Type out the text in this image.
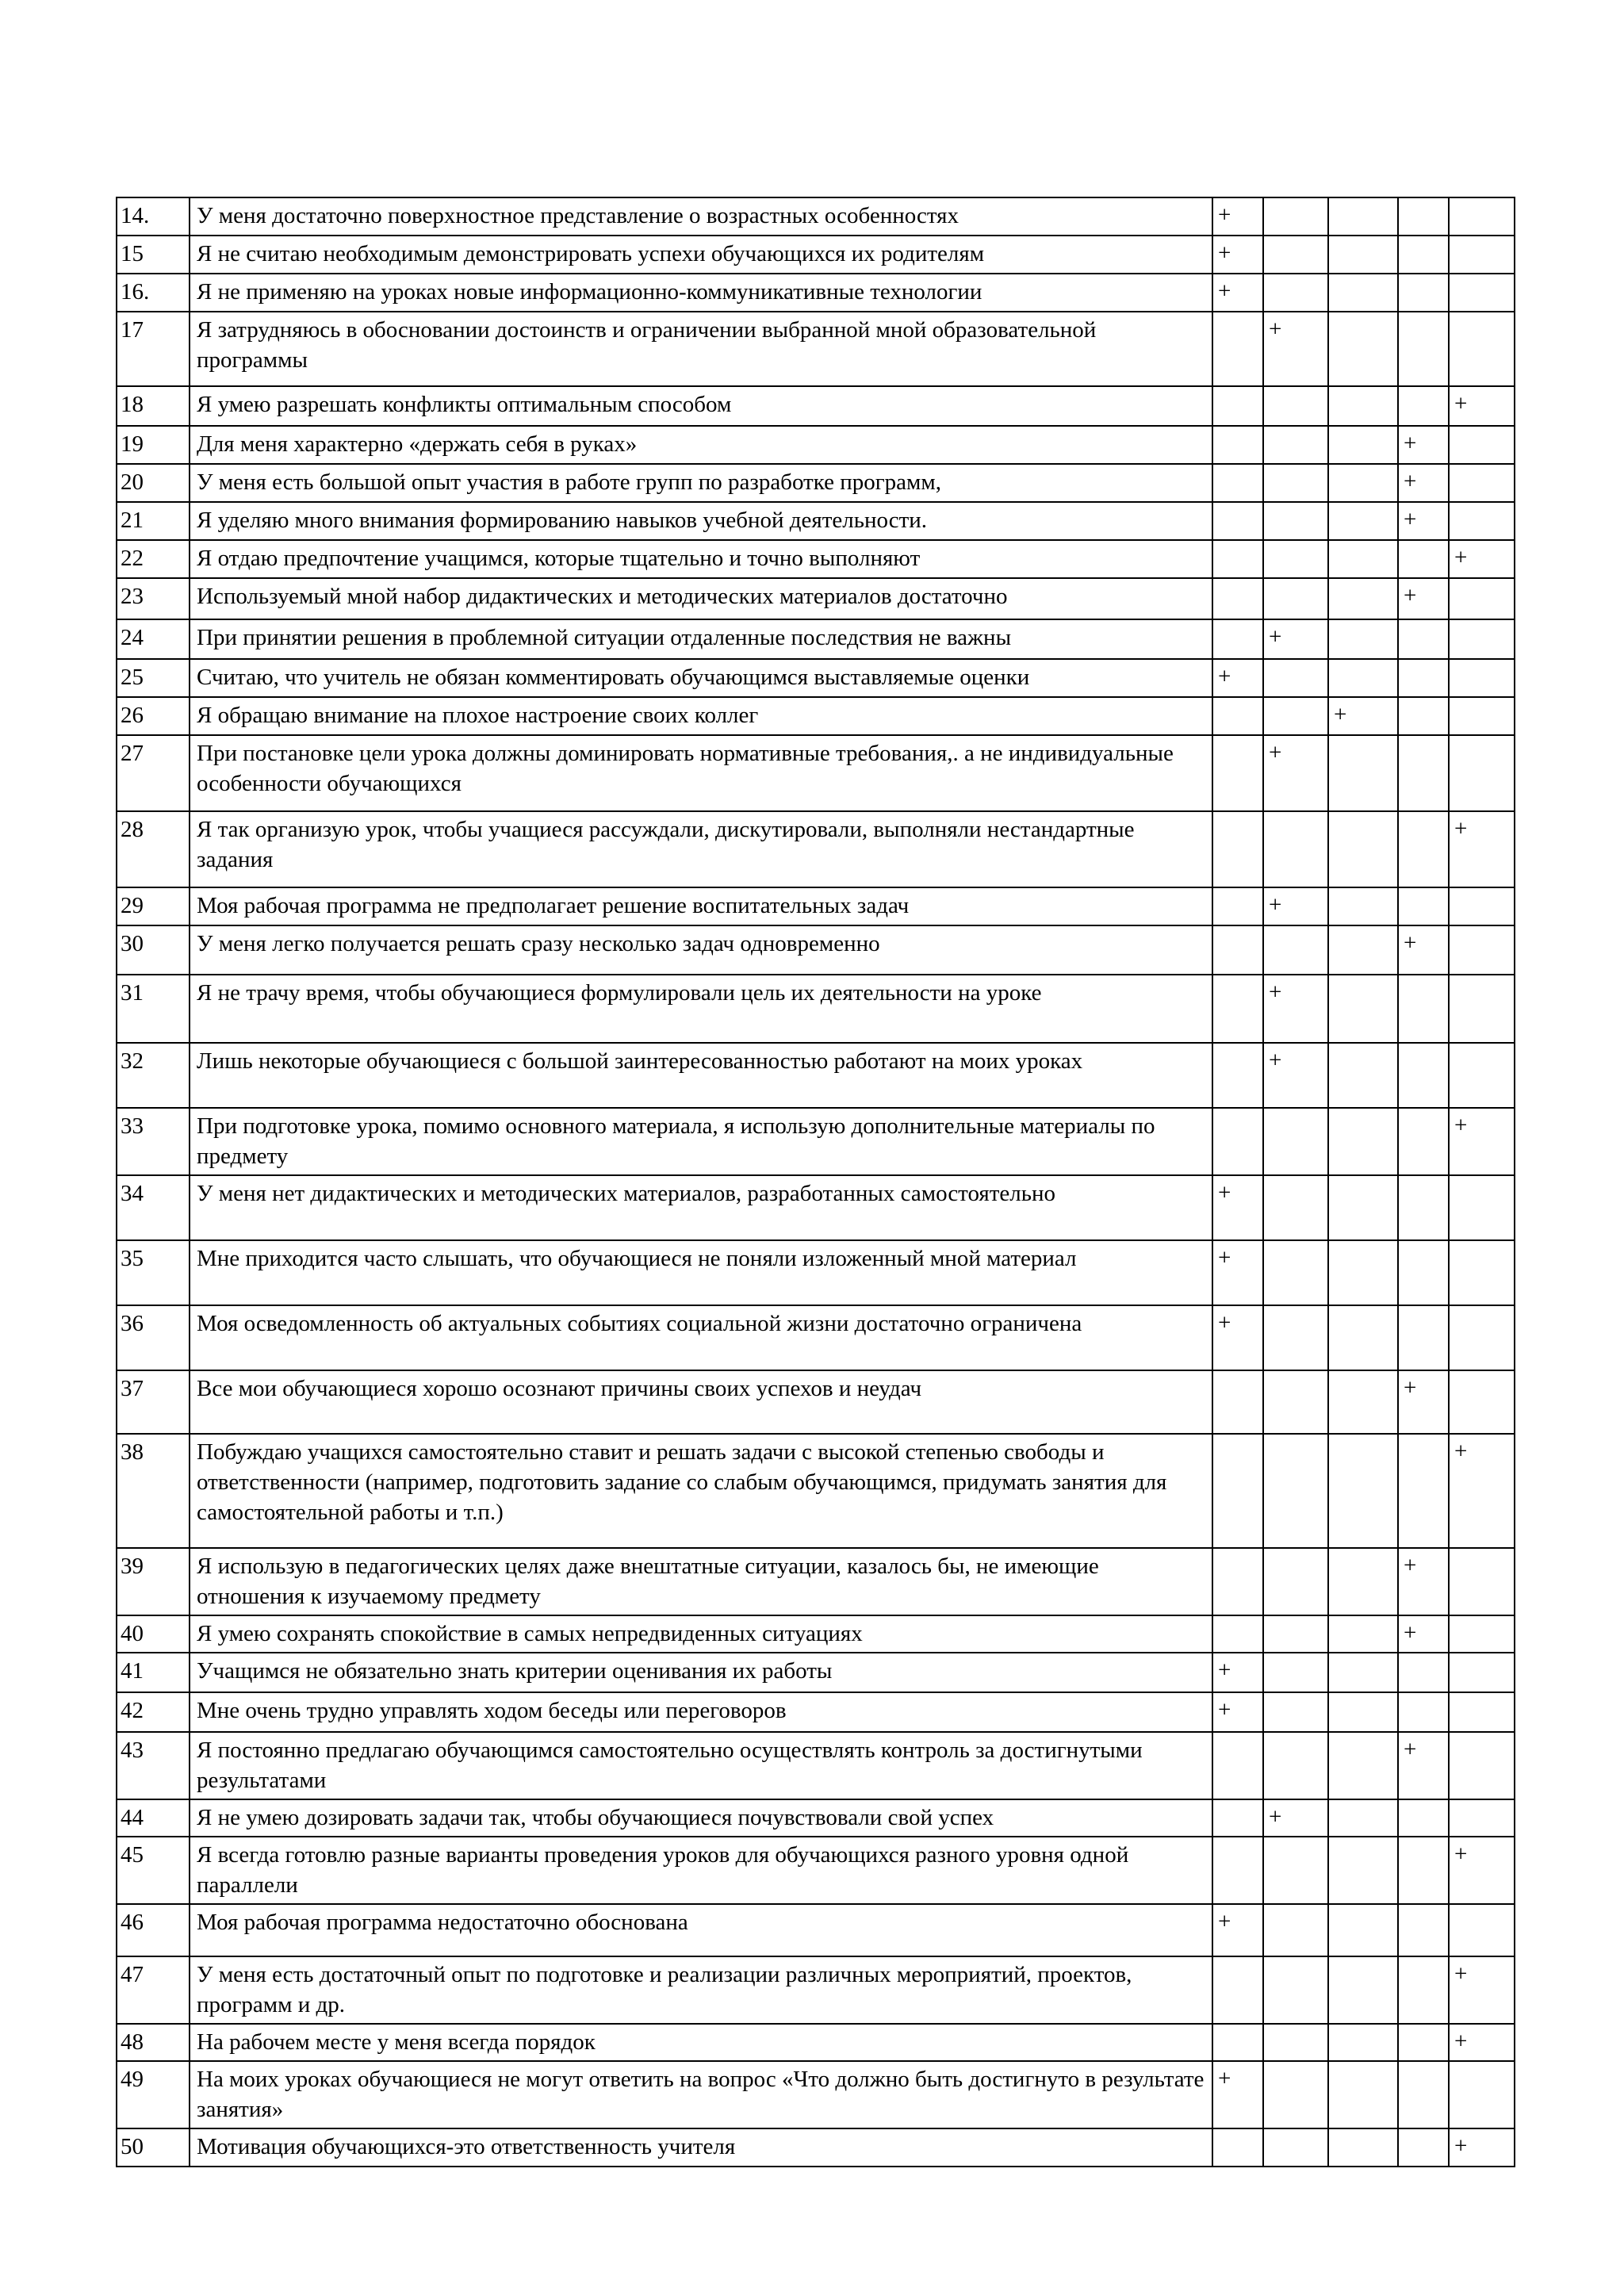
14.	У меня достаточно поверхностное представление о возрастных особенностях	+				
15	Я не считаю необходимым демонстрировать успехи обучающихся их родителям	+				
16.	Я не применяю на уроках новые информационно-коммуникативные технологии	+				
17	Я затрудняюсь в обосновании достоинств и ограничении выбранной мной образовательной программы		+			
18	Я умею разрешать конфликты оптимальным способом					+
19	Для меня характерно «держать себя в руках»				+	
20	У меня есть большой опыт участия в работе групп по разработке программ,				+	
21	Я уделяю много внимания формированию навыков учебной деятельности.				+	
22	Я отдаю предпочтение учащимся, которые тщательно и точно выполняют					+
23	Используемый мной набор дидактических и методических материалов достаточно				+	
24	При принятии решения в проблемной ситуации отдаленные последствия не важны		+			
25	Считаю, что учитель не обязан комментировать обучающимся выставляемые оценки	+				
26	Я обращаю внимание на плохое настроение своих коллег			+		
27	При постановке цели урока должны доминировать нормативные требования,. а не индивидуальные особенности обучающихся		+			
28	Я так организую урок, чтобы учащиеся рассуждали, дискутировали, выполняли нестандартные задания					+
29	Моя рабочая программа не предполагает решение воспитательных задач		+			
30	У меня легко получается решать сразу несколько задач одновременно				+	
31	Я не трачу время, чтобы обучающиеся формулировали цель их деятельности на уроке		+			
32	Лишь некоторые обучающиеся с большой заинтересованностью работают на моих уроках		+			
33	При подготовке урока, помимо основного материала, я использую дополнительные материалы по предмету					+
34	У меня нет дидактических и методических материалов, разработанных самостоятельно	+				
35	Мне приходится часто слышать, что обучающиеся не поняли изложенный мной материал	+				
36	Моя осведомленность об актуальных событиях социальной жизни достаточно ограничена	+				
37	Все мои обучающиеся хорошо осознают причины своих успехов и неудач				+	
38	Побуждаю учащихся самостоятельно ставит и решать задачи с высокой степенью свободы и ответственности (например, подготовить задание со слабым обучающимся, придумать занятия для самостоятельной работы и т.п.)					+
39	Я использую в педагогических целях даже внештатные ситуации, казалось бы, не имеющие отношения к изучаемому предмету				+	
40	Я умею сохранять спокойствие в самых непредвиденных ситуациях				+	
41	Учащимся не обязательно знать критерии оценивания их работы	+				
42	Мне очень трудно управлять ходом беседы или переговоров	+				
43	Я постоянно предлагаю обучающимся самостоятельно осуществлять контроль за достигнутыми результатами				+	
44	Я не умею дозировать задачи так, чтобы обучающиеся почувствовали свой успех		+			
45	Я всегда готовлю разные варианты проведения уроков для обучающихся разного уровня одной параллели					+
46	Моя рабочая программа недостаточно обоснована	+				
47	У меня есть достаточный опыт по подготовке и реализации различных мероприятий, проектов, программ и др.					+
48	На рабочем месте у меня всегда порядок					+
49	На моих уроках обучающиеся не могут ответить на вопрос «Что должно быть достигнуто в результате занятия»	+				
50	Мотивация обучающихся-это ответственность учителя					+
